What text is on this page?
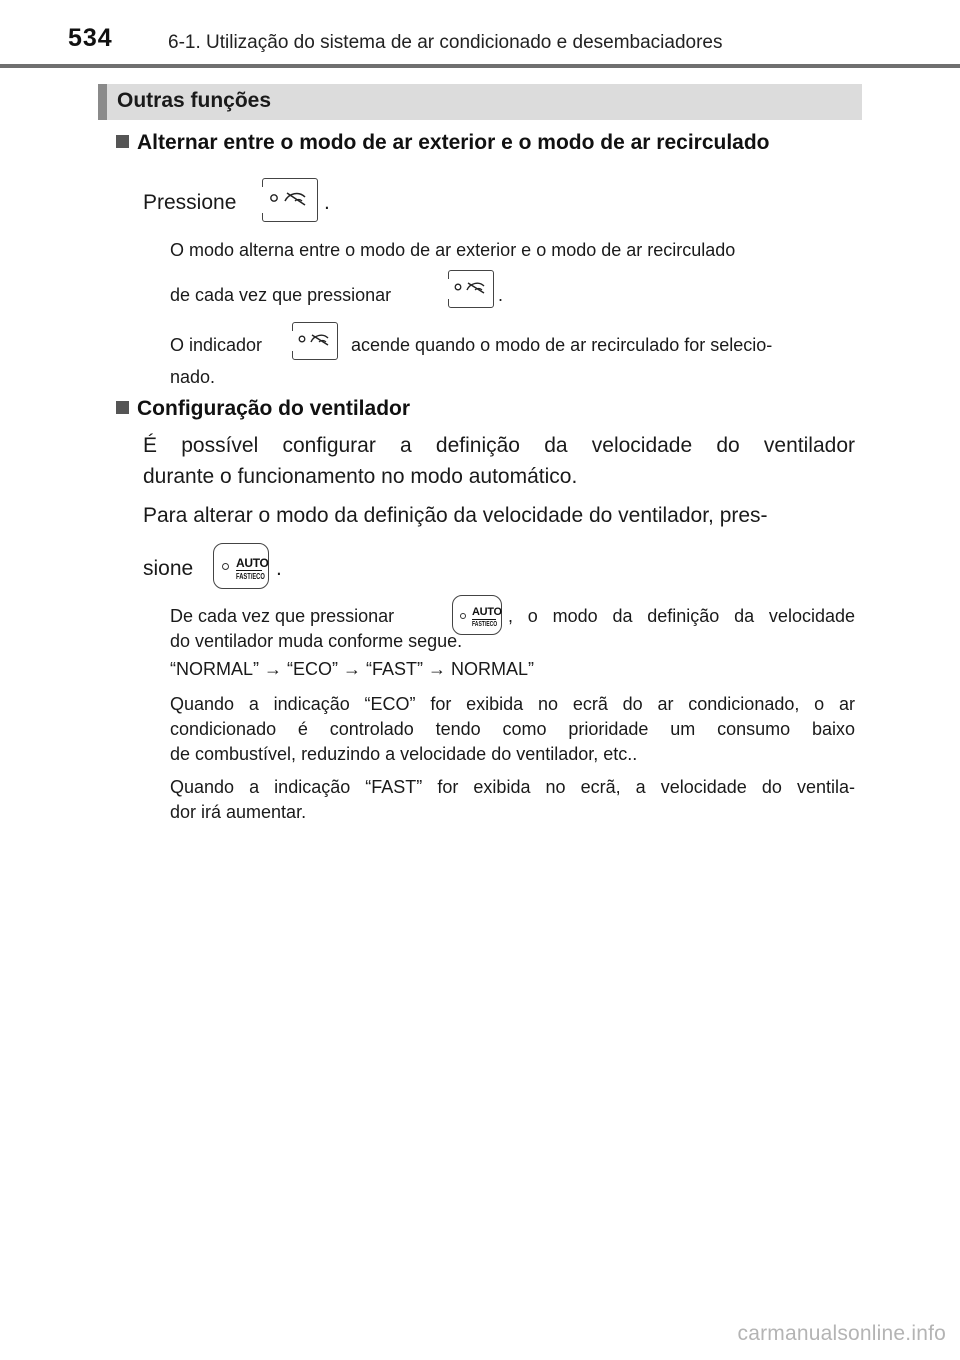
534	6-1. Utilização do sistema de ar condicionado e desembaciadores
Outras funções
Alternar entre o modo de ar exterior e o modo de ar recirculado
Pressione	.
O modo alterna entre o modo de ar exterior e o modo de ar recirculado
de cada vez que pressionar	.
O indicador	acende quando o modo de ar recirculado for selecio-
nado.
Configuração do ventilador
É possível configurar a definição da velocidade do ventilador
durante o funcionamento no modo automático.
Para alterar o modo da definição da velocidade do ventilador, pres-
sione	AUTO
FAST/ECO .
De cada vez que pressionar	AUTO
FAST/ECO , o modo da definição da velocidade
do ventilador muda conforme segue.
“NORMAL” → “ECO” → “FAST” → NORMAL”
Quando a indicação “ECO” for exibida no ecrã do ar condicionado, o ar
condicionado é controlado tendo como prioridade um consumo baixo
de combustível, reduzindo a velocidade do ventilador, etc..
Quando a indicação “FAST” for exibida no ecrã, a velocidade do ventila-
dor irá aumentar.
carmanualsonline.info
